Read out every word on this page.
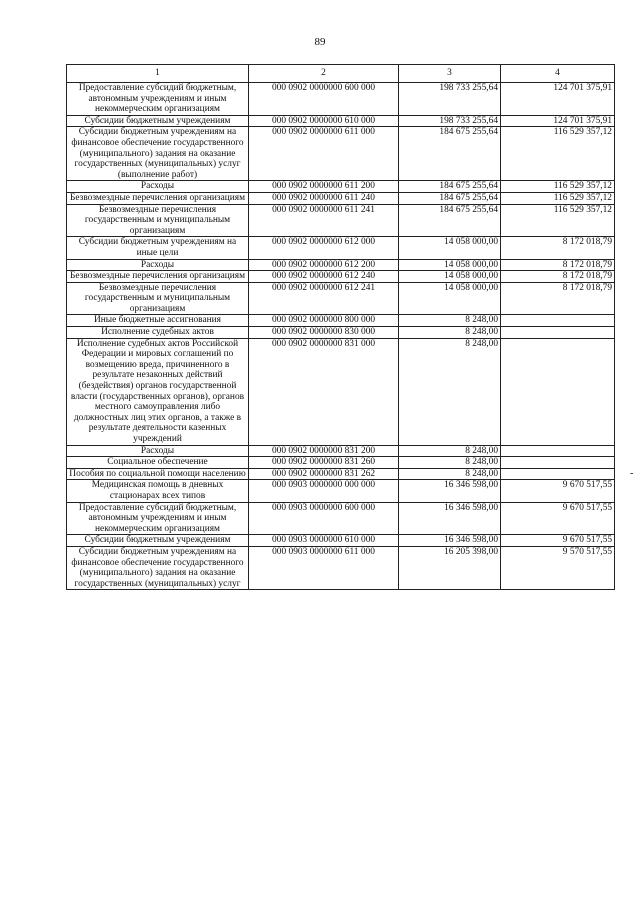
89
1	2	3	4
Предоставление субсидий бюджетным, автономным учреждениям и иным некоммерческим организациям	000 0902 0000000 600 000	198 733 255,64	124 701 375,91
Субсидии бюджетным учреждениям	000 0902 0000000 610 000	198 733 255,64	124 701 375,91
Субсидии бюджетным учреждениям на финансовое обеспечение государственного (муниципального) задания на оказание государственных (муниципальных) услуг (выполнение работ)	000 0902 0000000 611 000	184 675 255,64	116 529 357,12
Расходы	000 0902 0000000 611 200	184 675 255,64	116 529 357,12
Безвозмездные перечисления организациям	000 0902 0000000 611 240	184 675 255,64	116 529 357,12
Безвозмездные перечисления государственным и муниципальным организациям	000 0902 0000000 611 241	184 675 255,64	116 529 357,12
Субсидии бюджетным учреждениям на иные цели	000 0902 0000000 612 000	14 058 000,00	8 172 018,79
Расходы	000 0902 0000000 612 200	14 058 000,00	8 172 018,79
Безвозмездные перечисления организациям	000 0902 0000000 612 240	14 058 000,00	8 172 018,79
Безвозмездные перечисления государственным и муниципальным организациям	000 0902 0000000 612 241	14 058 000,00	8 172 018,79
Иные бюджетные ассигнования	000 0902 0000000 800 000	8 248,00	
Исполнение судебных актов	000 0902 0000000 830 000	8 248,00	
Исполнение судебных актов Российской Федерации и мировых соглашений по возмещению вреда, причиненного в результате незаконных действий (бездействия) органов государственной власти (государственных органов), органов местного самоуправления либо должностных лиц этих органов, а также в результате деятельности казенных учреждений	000 0902 0000000 831 000	8 248,00	
Расходы	000 0902 0000000 831 200	8 248,00	
Социальное обеспечение	000 0902 0000000 831 260	8 248,00	
Пособия по социальной помощи населению	000 0902 0000000 831 262	8 248,00	
Медицинская помощь в дневных стационарах всех типов	000 0903 0000000 000 000	16 346 598,00	9 670 517,55
Предоставление субсидий бюджетным, автономным учреждениям и иным некоммерческим организациям	000 0903 0000000 600 000	16 346 598,00	9 670 517,55
Субсидии бюджетным учреждениям	000 0903 0000000 610 000	16 346 598,00	9 670 517,55
Субсидии бюджетным учреждениям на финансовое обеспечение государственного (муниципального) задания на оказание государственных (муниципальных) услуг	000 0903 0000000 611 000	16 205 398,00	9 570 517,55
-
